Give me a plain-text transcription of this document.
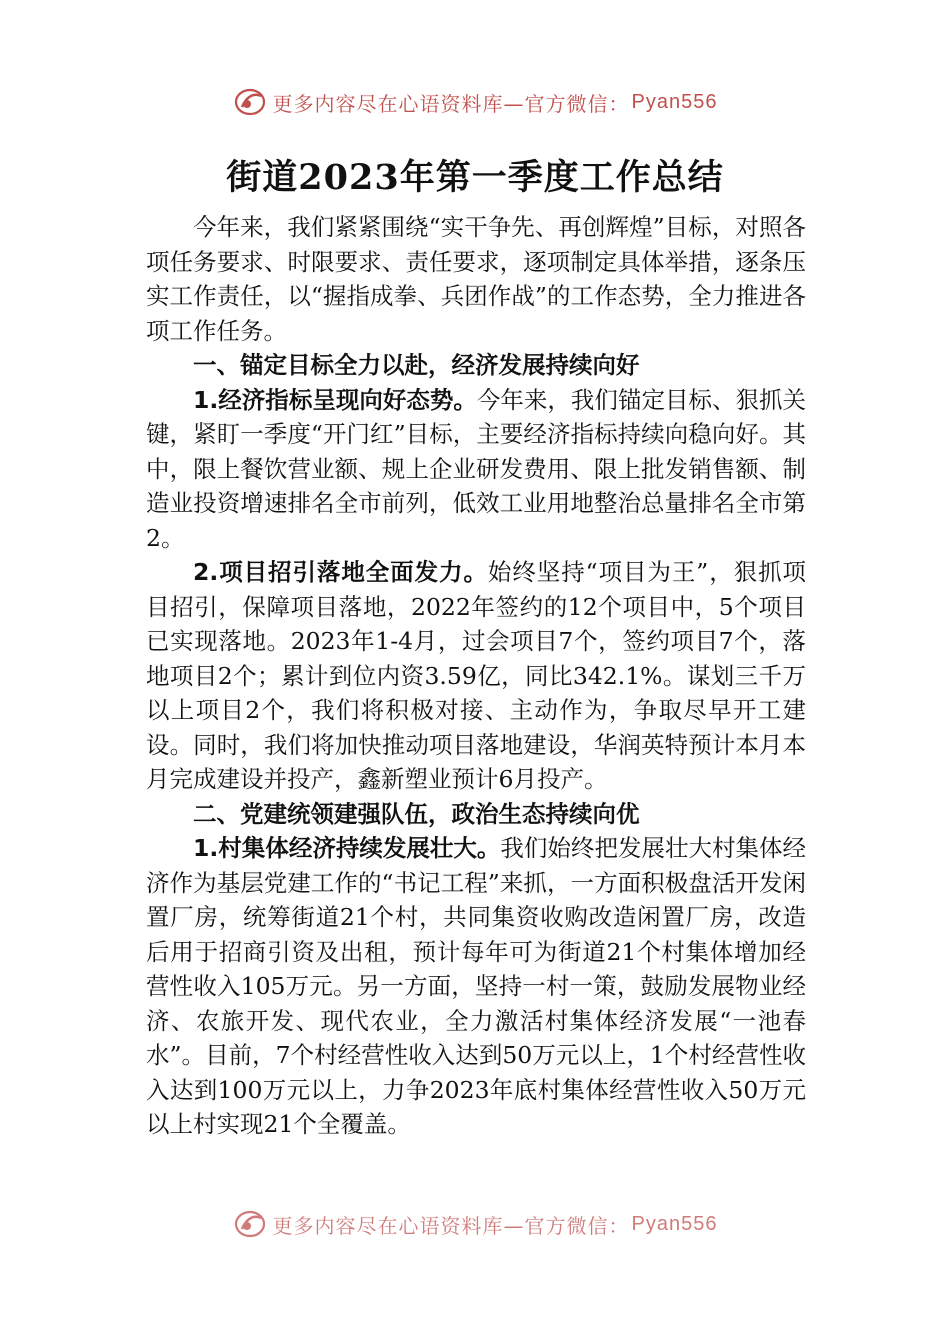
更多内容尽在心语资料库—官方微信： Pyan556
街道2023年第一季度工作总结

今年来，我们紧紧围绕“实干争先、再创辉煌”目标，对照各项任务要求、时限要求、责任要求，逐项制定具体举措，逐条压实工作责任，以“握指成拳、兵团作战”的工作态势，全力推进各项工作任务。

一、锚定目标全力以赴，经济发展持续向好

1.经济指标呈现向好态势。今年来，我们锚定目标、狠抓关键，紧盯一季度“开门红”目标，主要经济指标持续向稳向好。其中，限上餐饮营业额、规上企业研发费用、限上批发销售额、制造业投资增速排名全市前列，低效工业用地整治总量排名全市第2。

2.项目招引落地全面发力。始终坚持“项目为王”，狠抓项目招引，保障项目落地，2022年签约的12个项目中，5个项目已实现落地。2023年1-4月，过会项目7个，签约项目7个，落地项目2个；累计到位内资3.59亿，同比342.1%。谋划三千万以上项目2个，我们将积极对接、主动作为，争取尽早开工建设。同时，我们将加快推动项目落地建设，华润英特预计本月本月完成建设并投产，鑫新塑业预计6月投产。

二、党建统领建强队伍，政治生态持续向优

1.村集体经济持续发展壮大。我们始终把发展壮大村集体经济作为基层党建工作的“书记工程”来抓，一方面积极盘活开发闲置厂房，统筹街道21个村，共同集资收购改造闲置厂房，改造后用于招商引资及出租，预计每年可为街道21个村集体增加经营性收入105万元。另一方面，坚持一村一策，鼓励发展物业经济、农旅开发、现代农业，全力激活村集体经济发展“一池春水”。目前，7个村经营性收入达到50万元以上，1个村经营性收入达到100万元以上，力争2023年底村集体经营性收入50万元以上村实现21个全覆盖。

更多内容尽在心语资料库—官方微信： Pyan556
